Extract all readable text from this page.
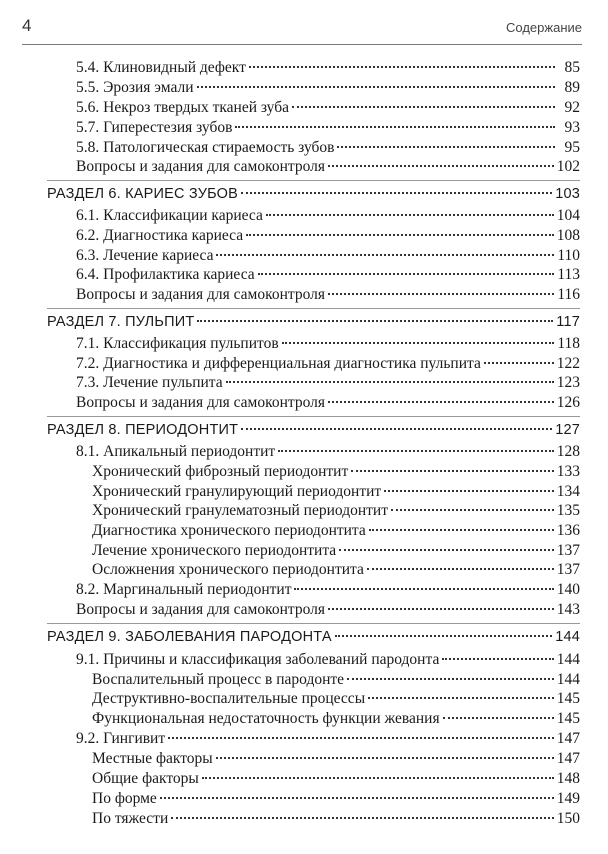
4	Содержание
5.4. Клиновидный дефект	85
5.5. Эрозия эмали	89
5.6. Некроз твердых тканей зуба	92
5.7. Гиперестезия зубов	93
5.8. Патологическая стираемость зубов	95
Вопросы и задания для самоконтроля	102
РАЗДЕЛ 6. КАРИЕС ЗУБОВ	103
6.1. Классификации кариеса	104
6.2. Диагностика кариеса	108
6.3. Лечение кариеса	110
6.4. Профилактика кариеса	113
Вопросы и задания для самоконтроля	116
РАЗДЕЛ 7. ПУЛЬПИТ	117
7.1. Классификация пульпитов	118
7.2. Диагностика и дифференциальная диагностика пульпита	122
7.3. Лечение пульпита	123
Вопросы и задания для самоконтроля	126
РАЗДЕЛ 8. ПЕРИОДОНТИТ	127
8.1. Апикальный периодонтит	128
Хронический фиброзный периодонтит	133
Хронический гранулирующий периодонтит	134
Хронический гранулематозный периодонтит	135
Диагностика хронического периодонтита	136
Лечение хронического периодонтита	137
Осложнения хронического периодонтита	137
8.2. Маргинальный периодонтит	140
Вопросы и задания для самоконтроля	143
РАЗДЕЛ 9. ЗАБОЛЕВАНИЯ ПАРОДОНТА	144
9.1. Причины и классификация заболеваний пародонта	144
Воспалительный процесс в пародонте	144
Деструктивно-воспалительные процессы	145
Функциональная недостаточность функции жевания	145
9.2. Гингивит	147
Местные факторы	147
Общие факторы	148
По форме	149
По тяжести	150
